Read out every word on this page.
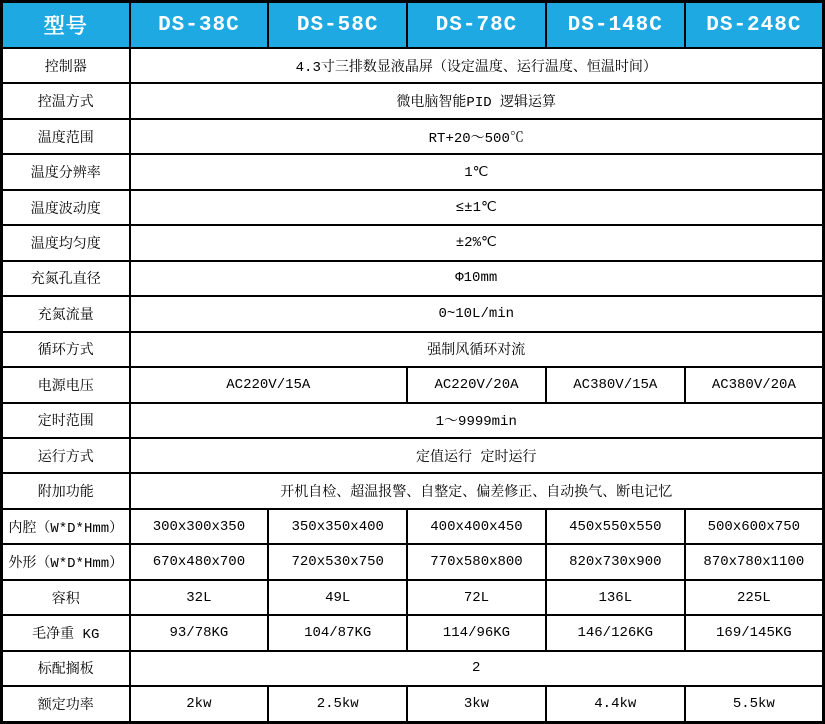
型号	DS-38C	DS-58C	DS-78C	DS-148C	DS-248C
控制器	4.3寸三排数显液晶屏（设定温度、运行温度、恒温时间）				
控温方式	微电脑智能PID 逻辑运算				
温度范围	RT+20～500℃				
温度分辨率	1℃				
温度波动度	≤±1℃				
温度均匀度	±2%℃				
充氮孔直径	Φ10mm				
充氮流量	0~10L/min				
循环方式	强制风循环对流				
电源电压	AC220V/15A		AC220V/20A	AC380V/15A	AC380V/20A
定时范围	1～9999min				
运行方式	定值运行 定时运行				
附加功能	开机自检、超温报警、自整定、偏差修正、自动换气、断电记忆				
内腔（W*D*Hmm）	300x300x350	350x350x400	400x400x450	450x550x550	500x600x750
外形（W*D*Hmm）	670x480x700	720x530x750	770x580x800	820x730x900	870x780x1100
容积	32L	49L	72L	136L	225L
毛净重 KG	93/78KG	104/87KG	114/96KG	146/126KG	169/145KG
标配搁板	2				
额定功率	2kw	2.5kw	3kw	4.4kw	5.5kw
